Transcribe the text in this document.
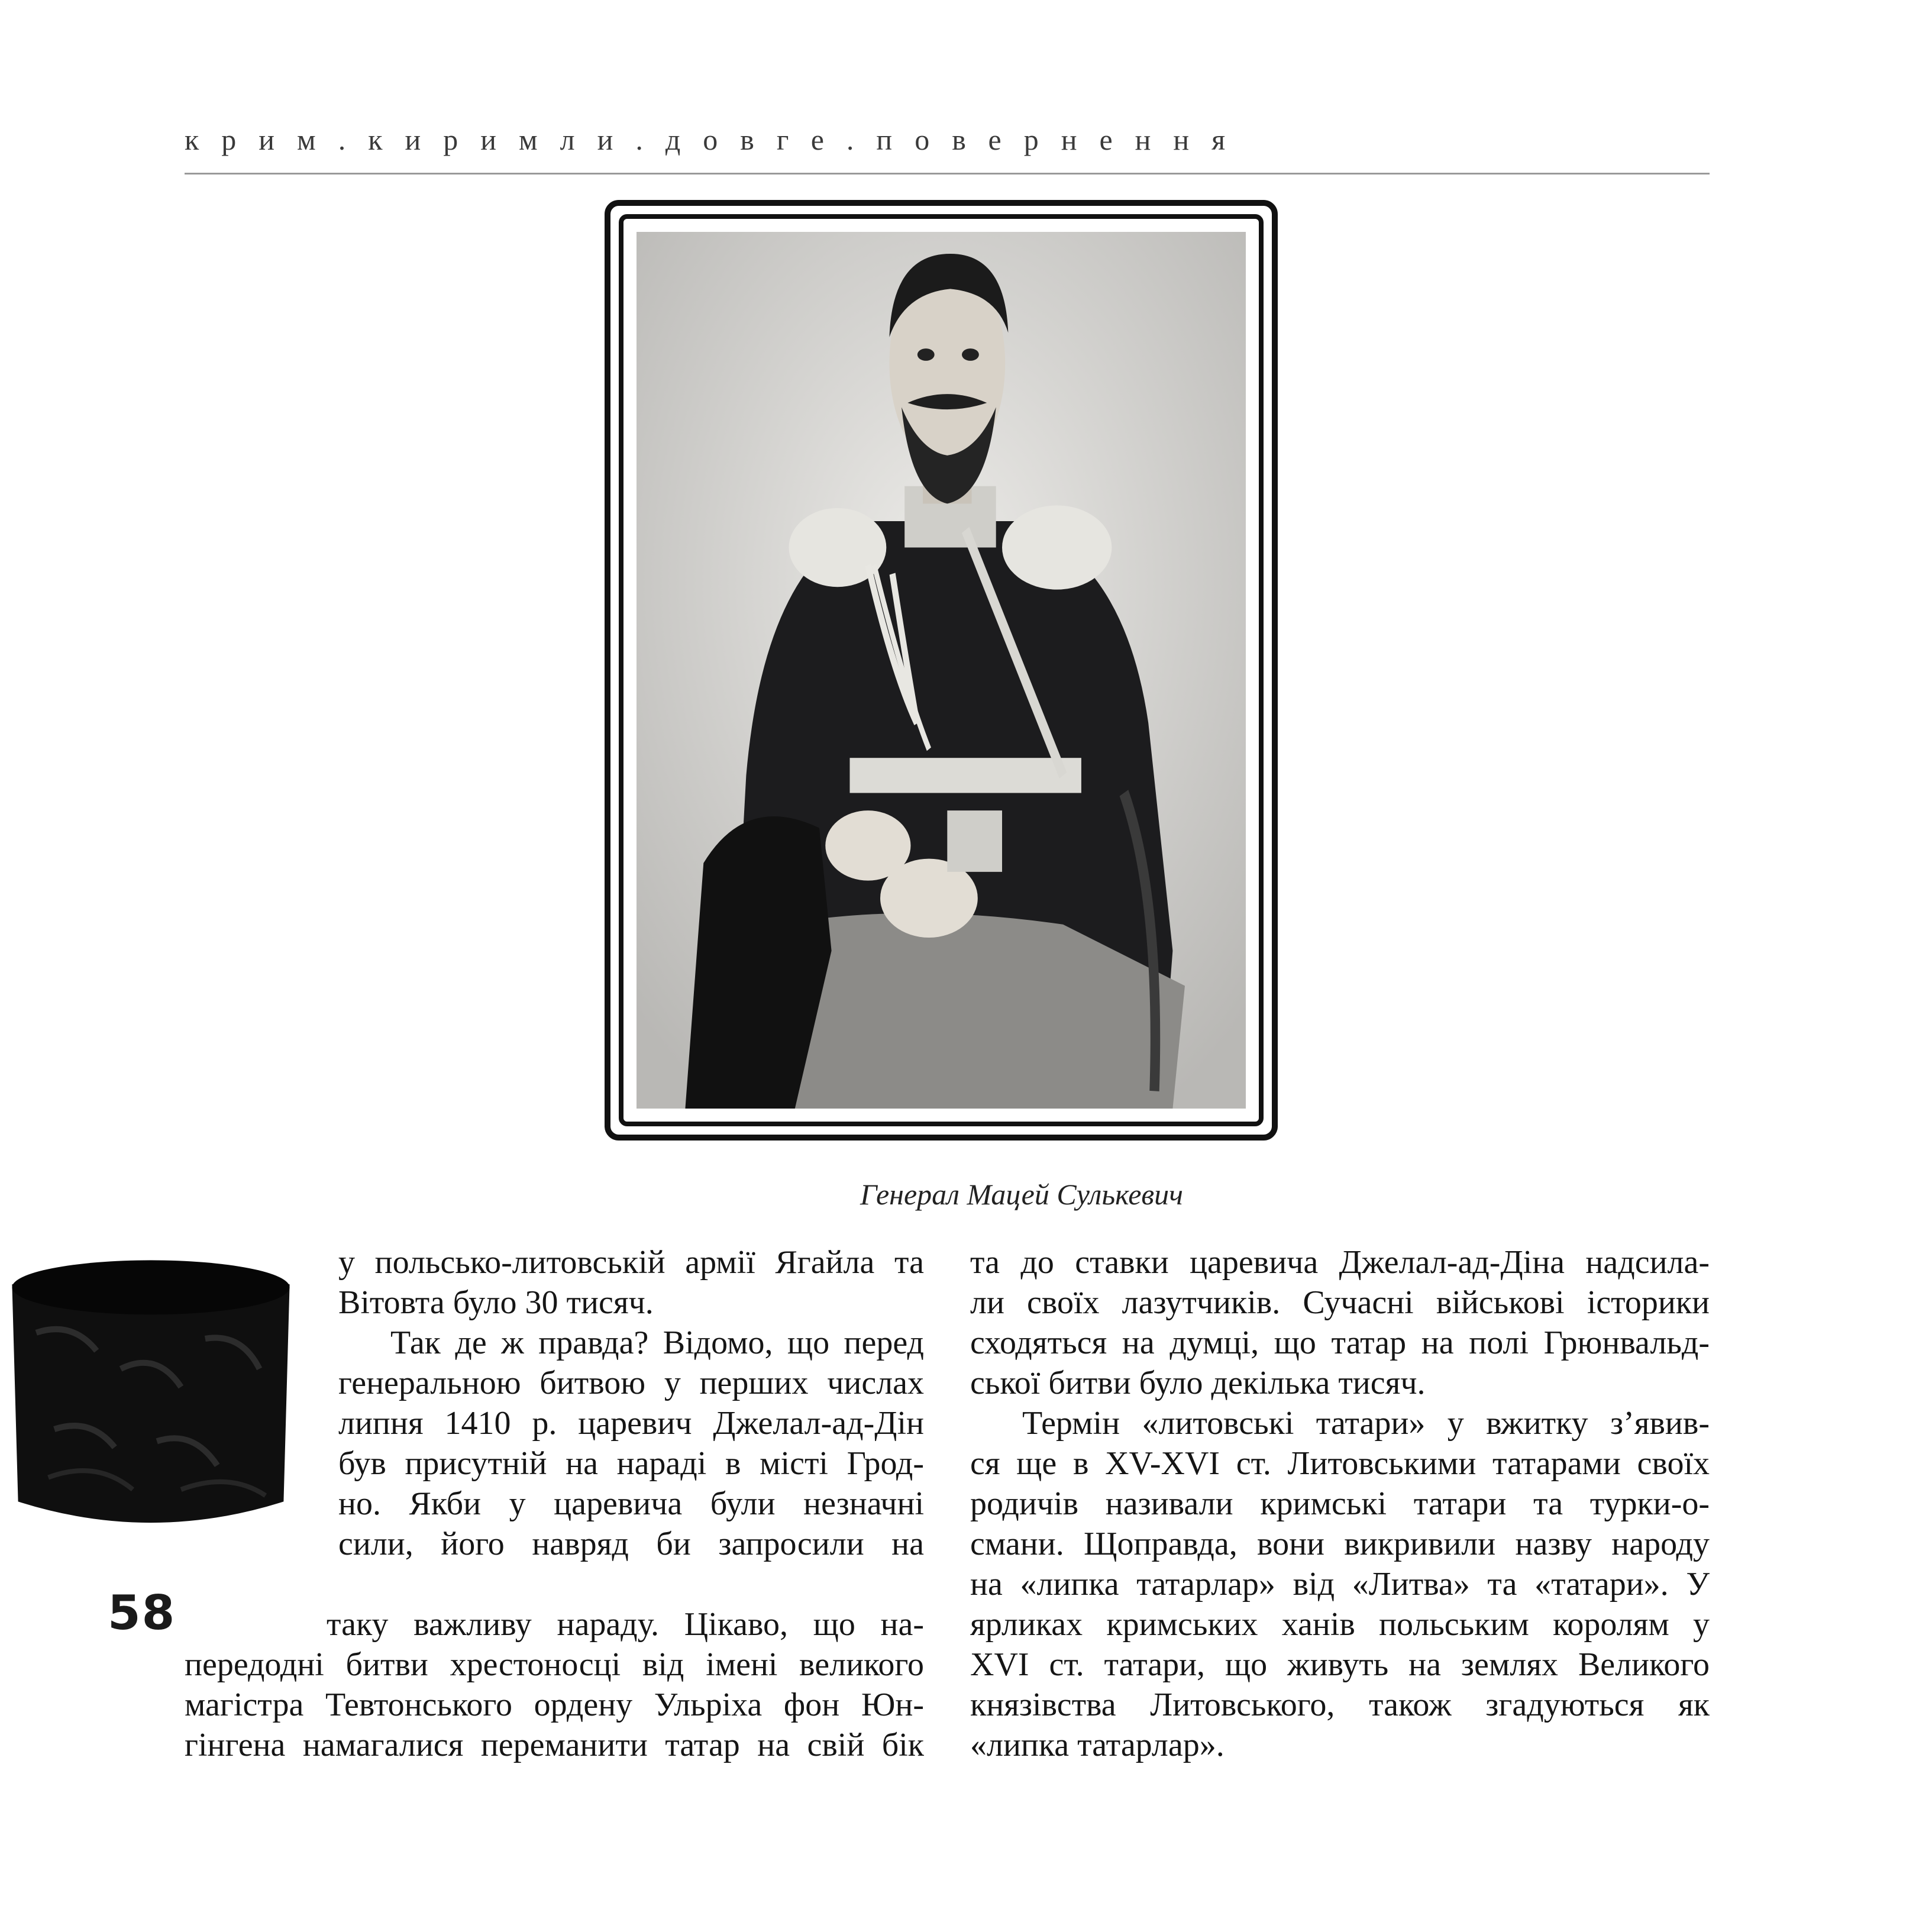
крим.киримли.довге.повернення
Генерал Мацей Сулькевич
58
у польсько-литовській армії Ягайла та
Вітовта було 30 тисяч.
Так де ж правда? Відомо, що перед
генеральною битвою у перших числах
липня 1410 р. царевич Джелал-ад-Дін
був присутній на нараді в місті Грод-
но. Якби у царевича були незначні
сили, його навряд би запросили на
таку важливу нараду. Цікаво, що на-
передодні битви хрестоносці від імені великого
магістра Тевтонського ордену Ульріха фон Юн-
гінгена намагалися переманити татар на свій бік
та до ставки царевича Джелал-ад-Діна надсила-
ли своїх лазутчиків. Сучасні військові історики
сходяться на думці, що татар на полі Грюнвальд-
ської битви було декілька тисяч.
Термін «литовські татари» у вжитку з’явив-
ся ще в XV-XVI ст. Литовськими татарами своїх
родичів називали кримські татари та турки-о-
смани. Щоправда, вони викривили назву народу
на «липка татарлар» від «Литва» та «татари». У
ярликах кримських ханів польським королям у
XVI ст. татари, що живуть на землях Великого
князівства Литовського, також згадуються як
«липка татарлар».
